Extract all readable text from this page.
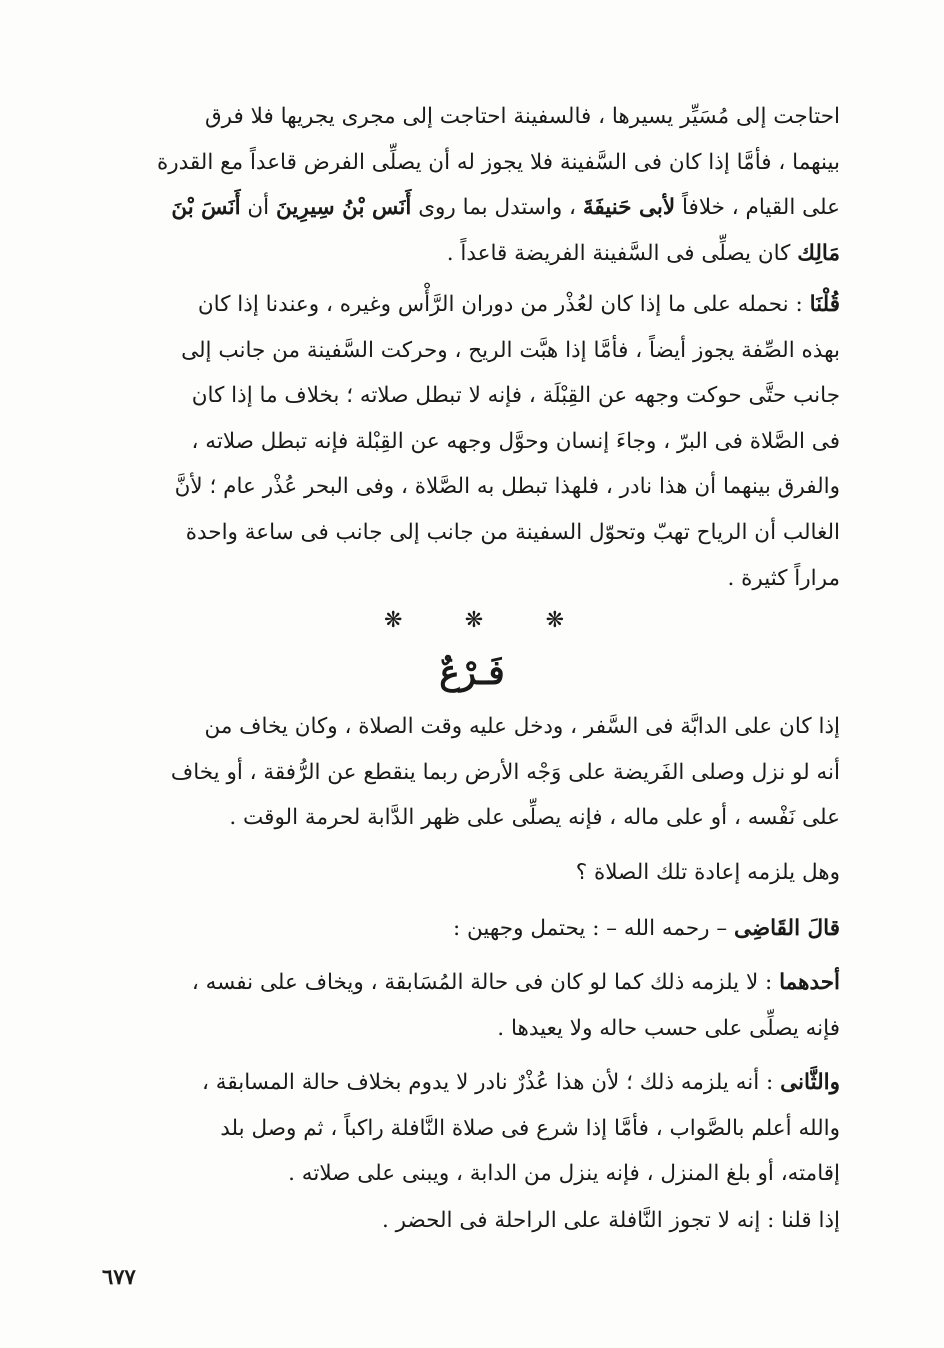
احتاجت إلى مُسَيِّر يسيرها ، فالسفينة احتاجت إلى مجرى يجريها فلا فرق

بينهما ، فأمَّا إذا كان فى السَّفينة فلا يجوز له أن يصلِّى الفرض قاعداً مع القدرة

على القيام ، خلافاً لأبى حَنيفَةَ ، واستدل بما روى أَنَس بْنُ سِيرِينَ أن أَنَسَ بْنَ

مَالِك كان يصلِّى فى السَّفينة الفريضة قاعداً .

قُلْنَا : نحمله على ما إذا كان لعُذْر من دوران الرَّأْس وغيره ، وعندنا إذا كان

بهذه الصِّفة يجوز أيضاً ، فأمَّا إذا هبَّت الريح ، وحركت السَّفينة من جانب إلى

جانب حتَّى حوكت وجهه عن القِبْلَة ، فإنه لا تبطل صلاته ؛ بخلاف ما إذا كان

فى الصَّلاة فى البرّ ، وجاءَ إنسان وحوَّل وجهه عن القِبْلة فإنه تبطل صلاته ،

والفرق بينهما أن هذا نادر ، فلهذا تبطل به الصَّلاة ، وفى البحر عُذْر عام ؛ لأنَّ

الغالب أن الرياح تهبّ وتحوّل السفينة من جانب إلى جانب فى ساعة واحدة

مراراً كثيرة .

❋	❋	❋
فَـرْعٌ

إذا كان على الدابَّة فى السَّفر ، ودخل عليه وقت الصلاة ، وكان يخاف من

أنه لو نزل وصلى الفَريضة على وَجْه الأرض ربما ينقطع عن الرُّفقة ، أو يخاف

على نَفْسه ، أو على ماله ، فإنه يصلِّى على ظهر الدَّابة لحرمة الوقت .

وهل يلزمه إعادة تلك الصلاة ؟

قالَ القَاضِى – رحمه الله – : يحتمل وجهين :

أحدهما : لا يلزمه ذلك كما لو كان فى حالة المُسَابقة ، ويخاف على نفسه ،

فإنه يصلِّى على حسب حاله ولا يعيدها .

والثَّانى : أنه يلزمه ذلك ؛ لأن هذا عُذْرٌ نادر لا يدوم بخلاف حالة المسابقة ،

والله أعلم بالصَّواب ، فأمَّا إذا شرع فى صلاة النَّافلة راكباً ، ثم وصل بلد

إقامته، أو بلغ المنزل ، فإنه ينزل من الدابة ، ويبنى على صلاته .

إذا قلنا : إنه لا تجوز النَّافلة على الراحلة فى الحضر .

٦٧٧
